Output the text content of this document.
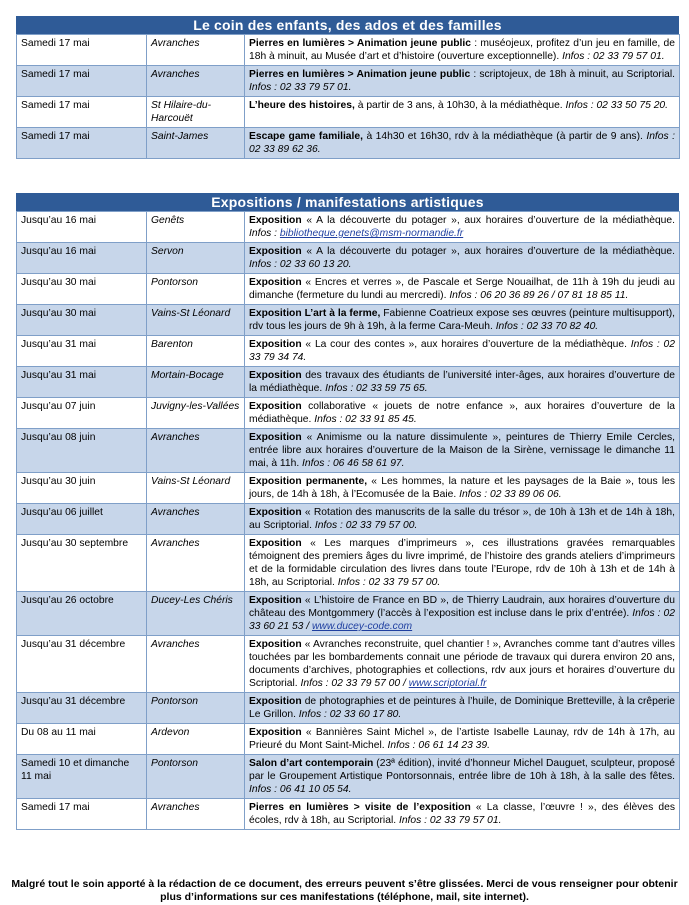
Le coin des enfants, des ados et des familles
Samedi 17 mai	Avranches	Pierres en lumières > Animation jeune public : muséojeux, profitez d’un jeu en famille, de 18h à minuit, au Musée d’art et d’histoire (ouverture exceptionnelle). Infos : 02 33 79 57 01.
Samedi 17 mai	Avranches	Pierres en lumières > Animation jeune public : scriptojeux, de 18h à minuit, au Scriptorial. Infos : 02 33 79 57 01.
Samedi 17 mai	St Hilaire-du-Harcouët	L’heure des histoires, à partir de 3 ans, à 10h30, à la médiathèque. Infos : 02 33 50 75 20.
Samedi 17 mai	Saint-James	Escape game familiale, à 14h30 et 16h30, rdv à la médiathèque (à partir de 9 ans). Infos : 02 33 89 62 36.
Expositions / manifestations artistiques
Jusqu’au 16 mai	Genêts	Exposition « A la découverte du potager », aux horaires d’ouverture de la médiathèque. Infos : bibliotheque.genets@msm-normandie.fr
Jusqu’au 16 mai	Servon	Exposition « A la découverte du potager », aux horaires d’ouverture de la médiathèque. Infos : 02 33 60 13 20.
Jusqu’au 30 mai	Pontorson	Exposition « Encres et verres », de Pascale et Serge Nouailhat, de 11h à 19h du jeudi au dimanche (fermeture du lundi au mercredi). Infos : 06 20 36 89 26 / 07 81 18 85 11.
Jusqu’au 30 mai	Vains-St Léonard	Exposition L’art à la ferme, Fabienne Coatrieux expose ses œuvres (peinture multisupport), rdv tous les jours de 9h à 19h, à la ferme Cara-Meuh. Infos : 02 33 70 82 40.
Jusqu’au 31 mai	Barenton	Exposition « La cour des contes », aux horaires d’ouverture de la médiathèque. Infos : 02 33 79 34 74.
Jusqu’au 31 mai	Mortain-Bocage	Exposition des travaux des étudiants de l’université inter-âges, aux horaires d’ouverture de la médiathèque. Infos : 02 33 59 75 65.
Jusqu’au 07 juin	Juvigny-les-Vallées	Exposition collaborative « jouets de notre enfance », aux horaires d’ouverture de la médiathèque. Infos : 02 33 91 85 45.
Jusqu’au 08 juin	Avranches	Exposition « Animisme ou la nature dissimulente », peintures de Thierry Emile Cercles, entrée libre aux horaires d’ouverture de la Maison de la Sirène, vernissage le dimanche 11 mai, à 11h. Infos : 06 46 58 61 97.
Jusqu’au 30 juin	Vains-St Léonard	Exposition permanente, « Les hommes, la nature et les paysages de la Baie », tous les jours, de 14h à 18h, à l’Ecomusée de la Baie. Infos : 02 33 89 06 06.
Jusqu’au 06 juillet	Avranches	Exposition « Rotation des manuscrits de la salle du trésor », de 10h à 13h et de 14h à 18h, au Scriptorial. Infos : 02 33 79 57 00.
Jusqu’au 30 septembre	Avranches	Exposition « Les marques d’imprimeurs », ces illustrations gravées remarquables témoignent des premiers âges du livre imprimé, de l’histoire des grands ateliers d’imprimeurs et de la formidable circulation des livres dans toute l’Europe, rdv de 10h à 13h et de 14h à 18h, au Scriptorial. Infos : 02 33 79 57 00.
Jusqu’au 26 octobre	Ducey-Les Chéris	Exposition « L’histoire de France en BD », de Thierry Laudrain, aux horaires d’ouverture du château des Montgommery (l’accès à l’exposition est incluse dans le prix d’entrée). Infos : 02 33 60 21 53 / www.ducey-code.com
Jusqu’au 31 décembre	Avranches	Exposition « Avranches reconstruite, quel chantier ! », Avranches comme tant d’autres villes touchées par les bombardements connait une période de travaux qui durera environ 20 ans, documents d’archives, photographies et collections, rdv aux jours et horaires d’ouverture du Scriptorial. Infos : 02 33 79 57 00 / www.scriptorial.fr
Jusqu’au 31 décembre	Pontorson	Exposition de photographies et de peintures à l’huile, de Dominique Bretteville, à la crêperie Le Grillon. Infos : 02 33 60 17 80.
Du 08 au 11 mai	Ardevon	Exposition « Bannières Saint Michel », de l’artiste Isabelle Launay, rdv de 14h à 17h, au Prieuré du Mont Saint-Michel. Infos : 06 61 14 23 39.
Samedi 10 et dimanche 11 mai	Pontorson	Salon d’art contemporain (23ª édition), invité d’honneur Michel Dauguet, sculpteur, proposé par le Groupement Artistique Pontorsonnais, entrée libre de 10h à 18h, à la salle des fêtes. Infos : 06 41 10 05 54.
Samedi 17 mai	Avranches	Pierres en lumières > visite de l’exposition « La classe, l’œuvre ! », des élèves des écoles, rdv à 18h, au Scriptorial. Infos : 02 33 79 57 01.
Malgré tout le soin apporté à la rédaction de ce document, des erreurs peuvent s’être glissées. Merci de vous renseigner pour obtenir plus d’informations sur ces manifestations (téléphone, mail, site internet).
